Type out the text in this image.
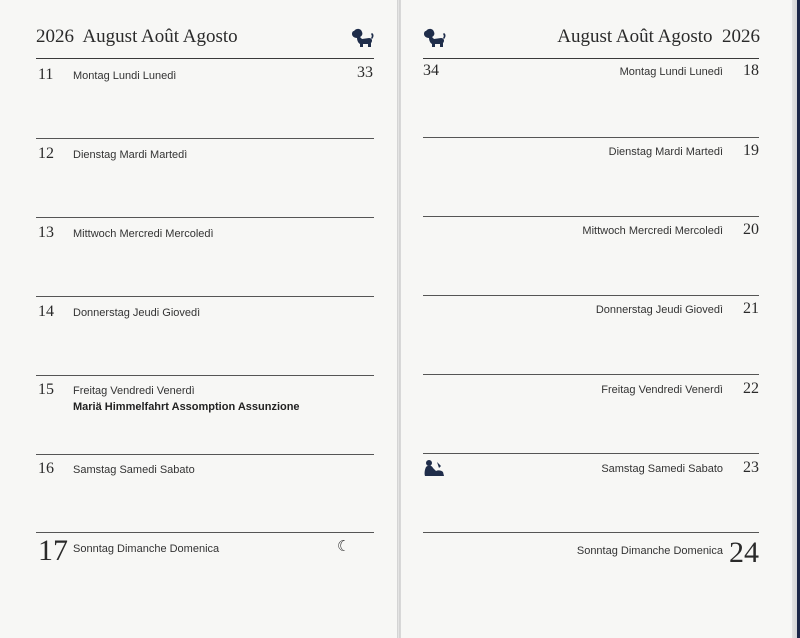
2026 August Août Agosto
11 Montag Lundi Lunedì	33
12 Dienstag Mardi Martedì
13 Mittwoch Mercredi Mercoledì
14 Donnerstag Jeudi Giovedì
15 Freitag Vendredi Venerdì
Mariä Himmelfahrt Assomption Assunzione
16 Samstag Samedi Sabato
17 Sonntag Dimanche Domenica	☾
August Août Agosto 2026
34	Montag Lundi Lunedì 18
Dienstag Mardi Martedì 19
Mittwoch Mercredi Mercoledì 20
Donnerstag Jeudi Giovedì 21
Freitag Vendredi Venerdì 22
Samstag Samedi Sabato 23
Sonntag Dimanche Domenica 24
